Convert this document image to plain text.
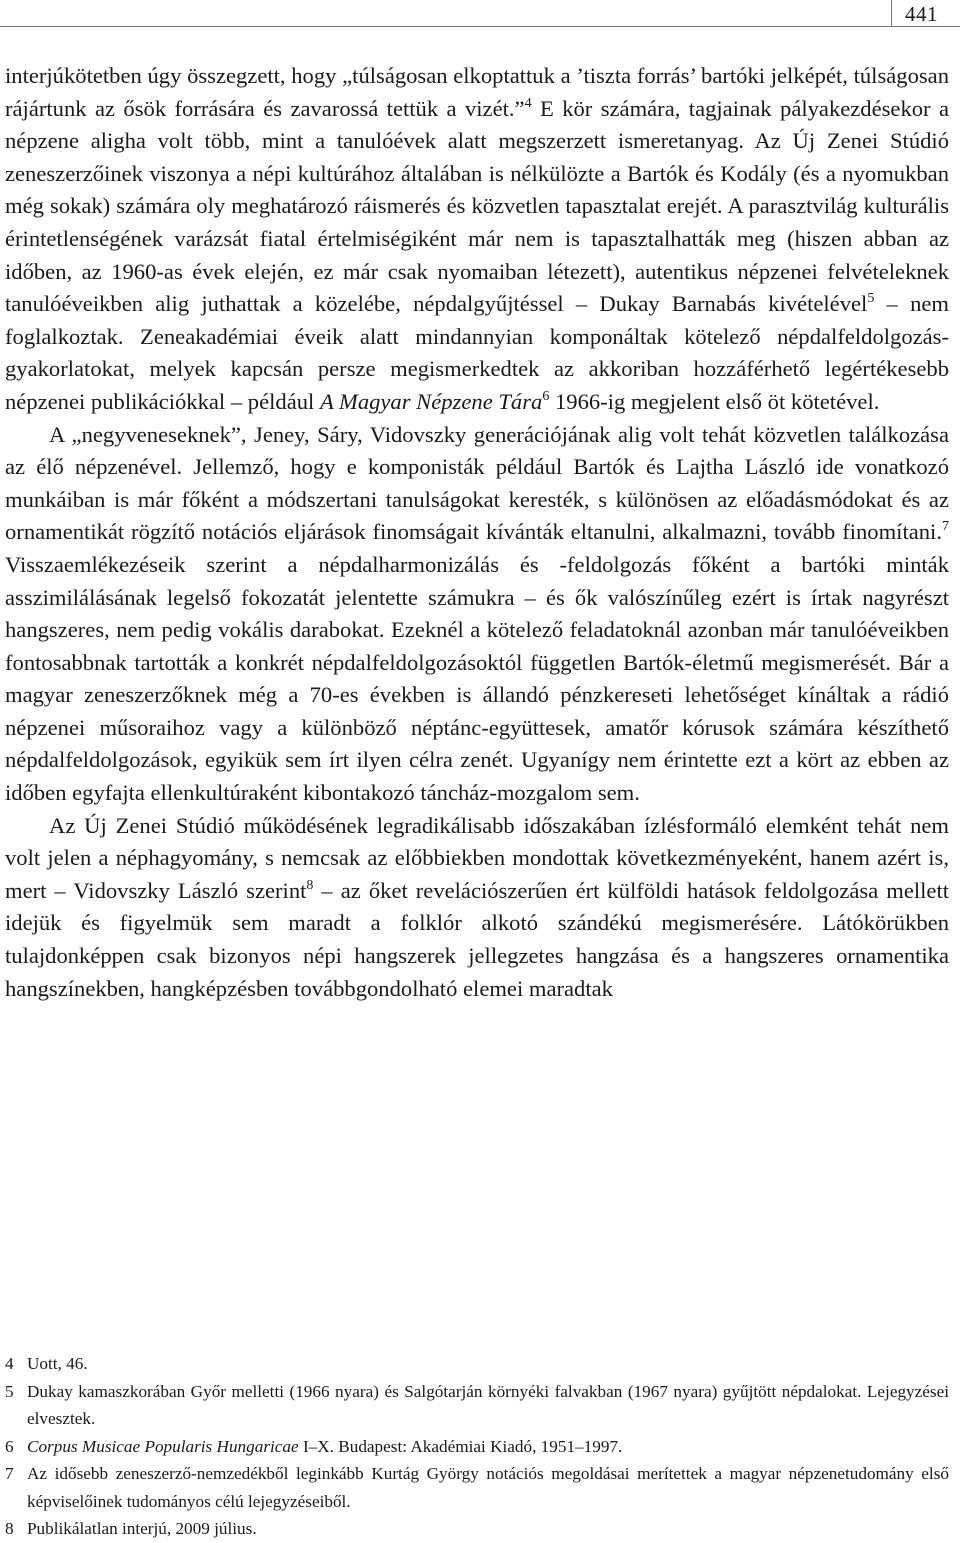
441

interjúkötetben úgy összegzett, hogy „túlságosan elkoptattuk a ’tiszta forrás’ bartóki jelképét, túlságosan rájártunk az ősök forrására és zavarossá tettük a vizét.”$^4$ E kör számára, tagjainak pályakezdésekor a népzene aligha volt több, mint a tanulóévek alatt megszerzett ismeretanyag. Az Új Zenei Stúdió zeneszerzőinek viszonya a népi kultúrához általában is nélkülözte a Bartók és Kodály (és a nyomukban még sokak) számára oly meghatározó ráismerés és közvetlen tapasztalat erejét. A parasztvilág kulturális érintetlenségének varázsát fiatal értelmiségiként már nem is tapasztalhatták meg (hiszen abban az időben, az 1960-as évek elején, ez már csak nyomaiban létezett), autentikus népzenei felvételeknek tanulóéveikben alig juthattak a közelébe, népdalgyűjtéssel – Dukay Barnabás kivételével$^5$ – nem foglalkoztak. Zeneakadémiai éveik alatt mindannyian komponáltak kötelező népdalfeldolgozás-gyakorlatokat, melyek kapcsán persze megismerkedtek az akkoriban hozzáférhető legértékesebb népzenei publikációkkal – például A Magyar Népzene Tára$^6$ 1966-ig megjelent első öt kötetével.

A „negyveneseknek”, Jeney, Sáry, Vidovszky generációjának alig volt tehát közvetlen találkozása az élő népzenével. Jellemző, hogy e komponisták például Bartók és Lajtha László ide vonatkozó munkáiban is már főként a módszertani tanulságokat keresték, s különösen az előadásmódokat és az ornamentikát rögzítő notációs eljárások finomságait kívánták eltanulni, alkalmazni, tovább finomítani.$^7$ Visszaemlékezéseik szerint a népdalharmonizálás és -feldolgozás főként a bartóki minták asszimilálásának legelső fokozatát jelentette számukra – és ők valószínűleg ezért is írtak nagyrészt hangszeres, nem pedig vokális darabokat. Ezeknél a kötelező feladatoknál azonban már tanulóéveikben fontosabbnak tartották a konkrét népdalfeldolgozásoktól független Bartók-életmű megismerését. Bár a magyar zeneszerzőknek még a 70-es években is állandó pénzkereseti lehetőséget kínáltak a rádió népzenei műsoraihoz vagy a különböző néptánc-együttesek, amatőr kórusok számára készíthető népdalfeldolgozások, egyikük sem írt ilyen célra zenét. Ugyanígy nem érintette ezt a kört az ebben az időben egyfajta ellenkultúraként kibontakozó táncház-mozgalom sem.

Az Új Zenei Stúdió működésének legradikálisabb időszakában ízlésformáló elemként tehát nem volt jelen a néphagyomány, s nemcsak az előbbiekben mondottak következményeként, hanem azért is, mert – Vidovszky László szerint$^8$ – az őket revelációszerűen ért külföldi hatások feldolgozása mellett idejük és figyelmük sem maradt a folklór alkotó szándékú megismerésére. Látókörükben tulajdonképpen csak bizonyos népi hangszerek jellegzetes hangzása és a hangszeres ornamentika hangszínekben, hangképzésben továbbgondolható elemei maradtak

4 Uott, 46.
5 Dukay kamaszkorában Győr melletti (1966 nyara) és Salgótarján környéki falvakban (1967 nyara) gyűjtött népdalokat. Lejegyzései elvesztek.
6 Corpus Musicae Popularis Hungaricae I–X. Budapest: Akadémiai Kiadó, 1951–1997.
7 Az idősebb zeneszerző-nemzedékből leginkább Kurtág György notációs megoldásai merítettek a magyar népzenetudomány első képviselőinek tudományos célú lejegyzéseiből.
8 Publikálatlan interjú, 2009 július.
